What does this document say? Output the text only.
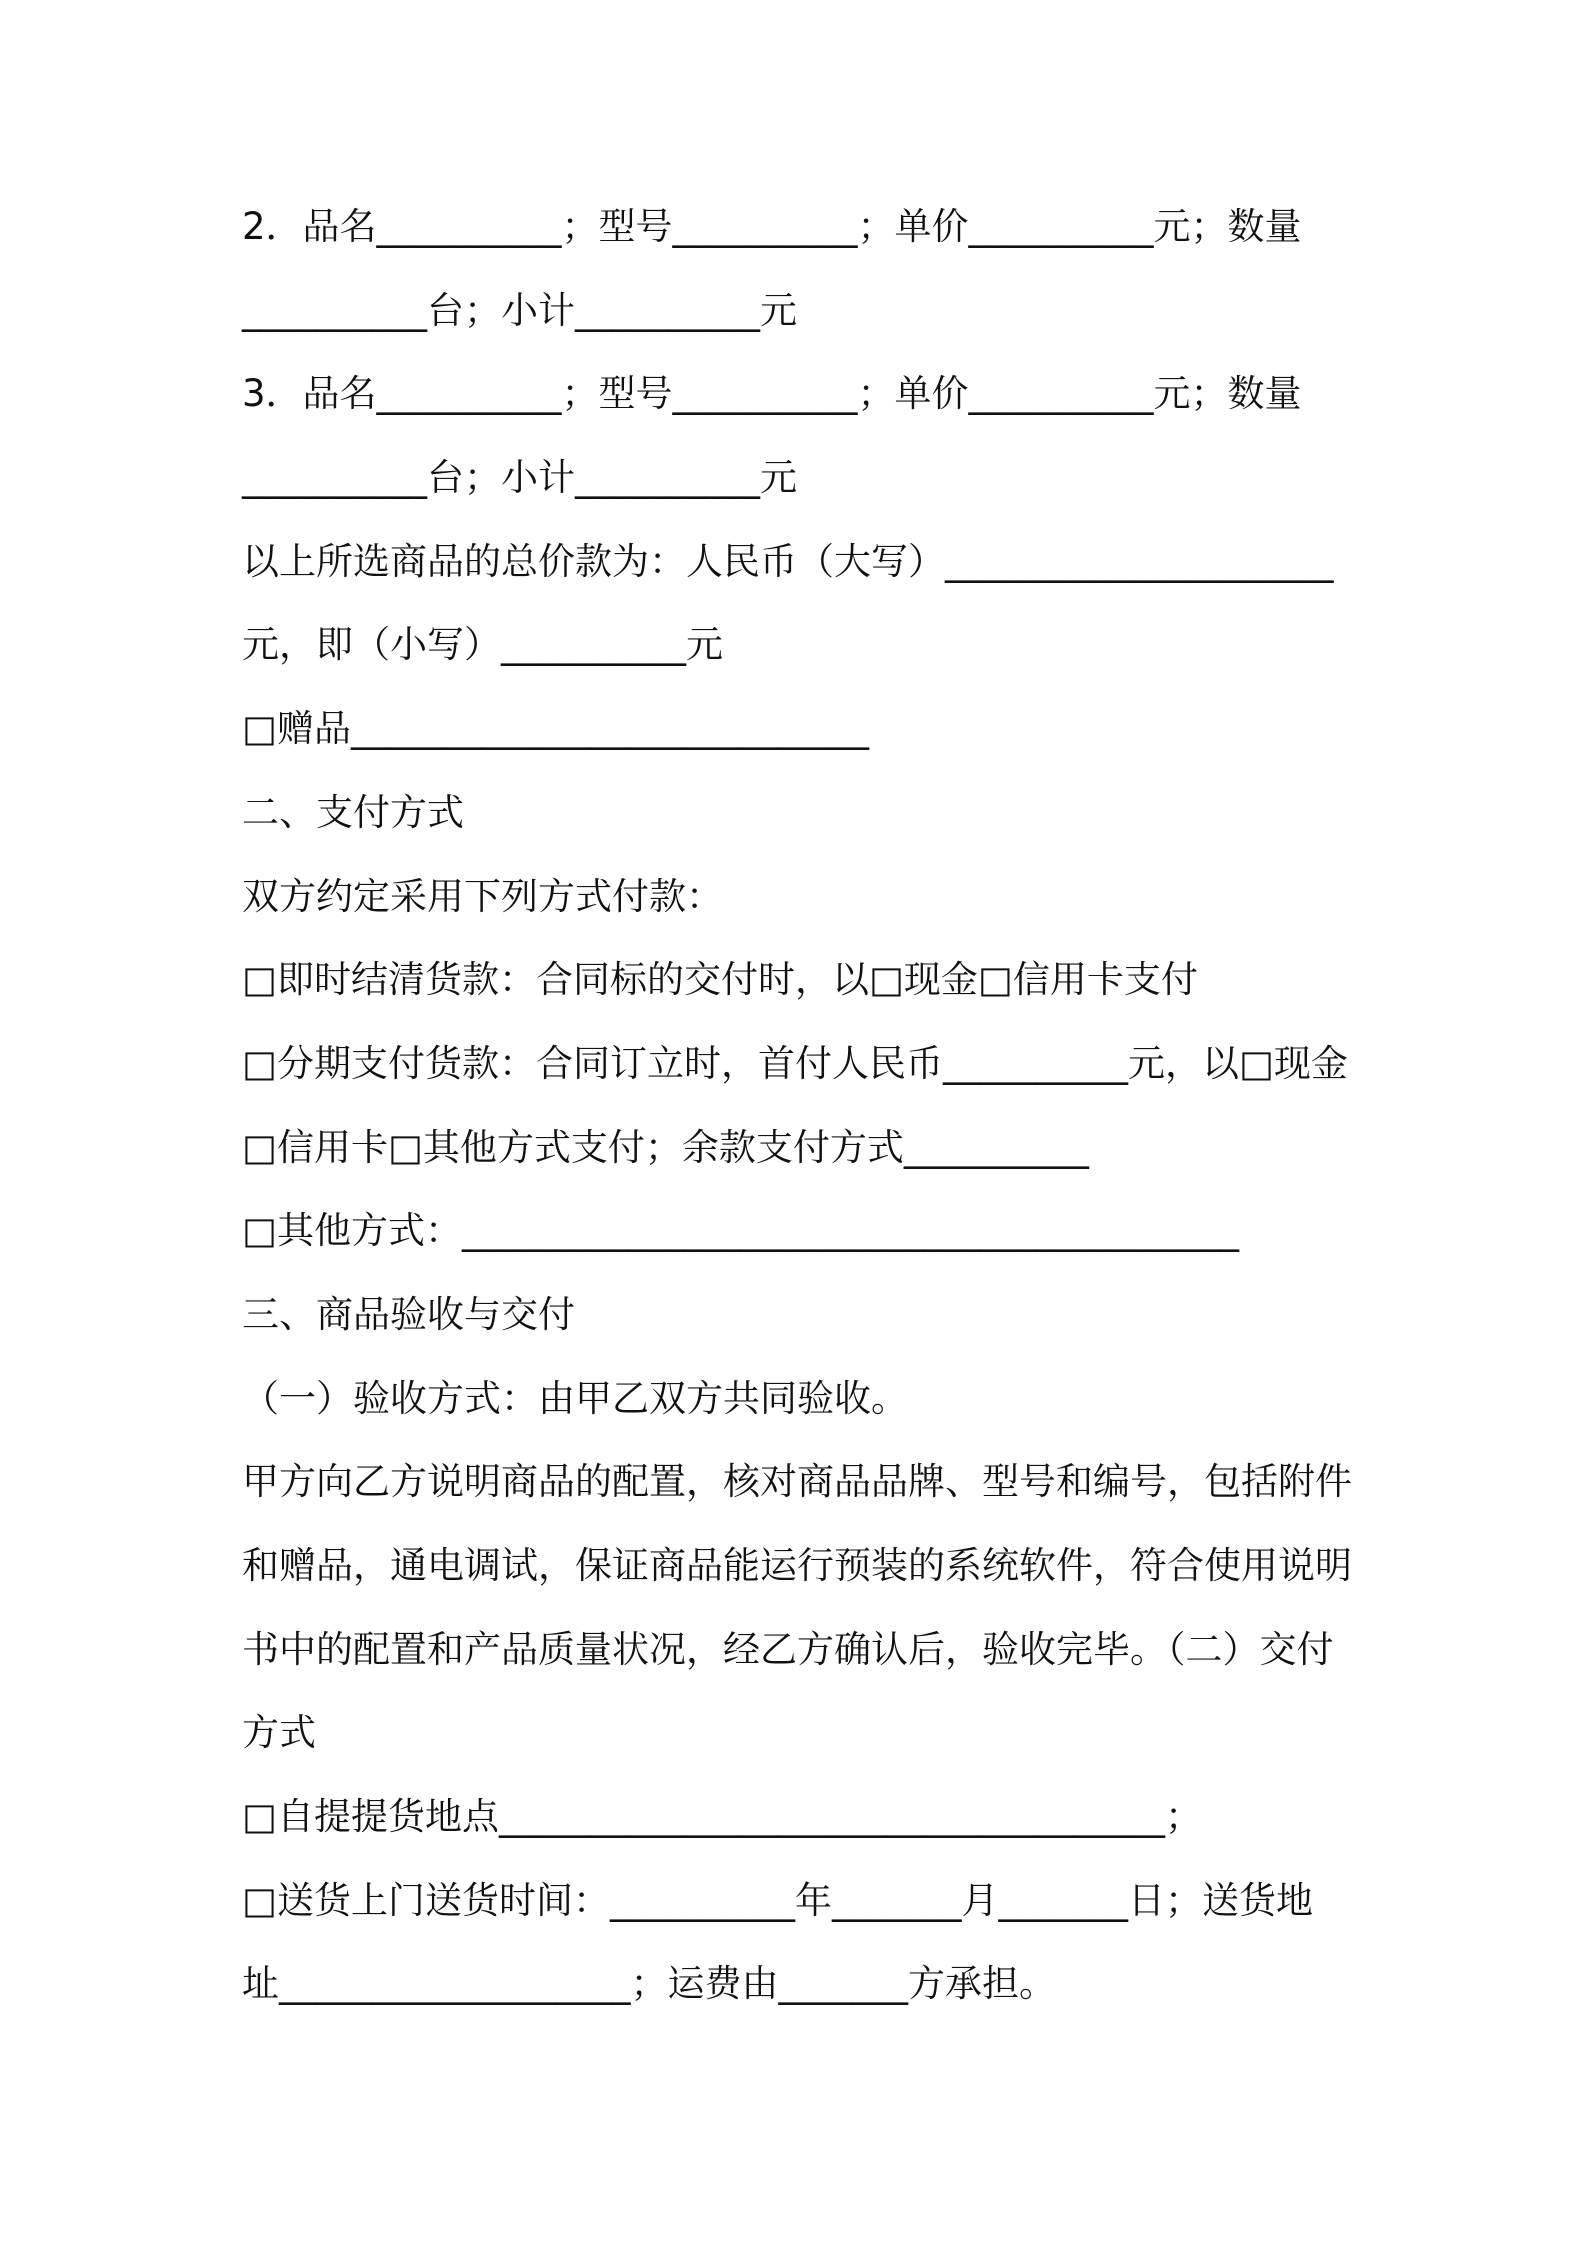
2．品名__________；型号__________；单价__________元；数量
__________台；小计__________元
3．品名__________；型号__________；单价__________元；数量
__________台；小计__________元
以上所选商品的总价款为：人民币（大写）_____________________
元，即（小写）__________元
□赠品____________________________
二、支付方式
双方约定采用下列方式付款：
□即时结清货款：合同标的交付时，以□现金□信用卡支付
□分期支付货款：合同订立时，首付人民币__________元，以□现金
□信用卡□其他方式支付；余款支付方式__________
□其他方式：__________________________________________
三、商品验收与交付
（一）验收方式：由甲乙双方共同验收。
甲方向乙方说明商品的配置，核对商品品牌、型号和编号，包括附件
和赠品，通电调试，保证商品能运行预装的系统软件，符合使用说明
书中的配置和产品质量状况，经乙方确认后，验收完毕。（二）交付
方式
□自提提货地点____________________________________；
□送货上门送货时间：__________年_______月_______日；送货地
址___________________；运费由_______方承担。
